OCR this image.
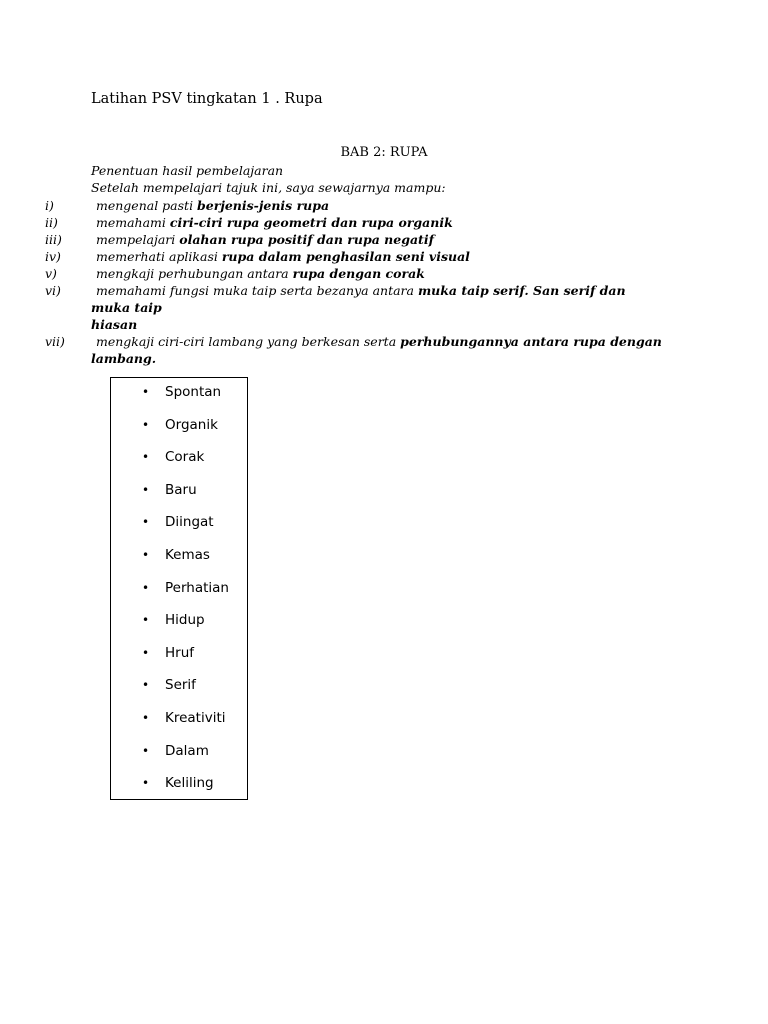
Latihan PSV tingkatan 1 . Rupa
BAB 2: RUPA
Penentuan hasil pembelajaran
Setelah mempelajari tajuk ini, saya sewajarnya mampu:
i)	mengenal pasti berjenis-jenis rupa
ii)	memahami ciri-ciri rupa geometri dan rupa organik
iii)	mempelajari olahan rupa positif dan rupa negatif
iv)	memerhati aplikasi rupa dalam penghasilan seni visual
v)	mengkaji perhubungan antara rupa dengan corak
vi)	memahami fungsi muka taip serta bezanya antara muka taip serif. San serif dan muka taip
hiasan
vii)	mengkaji ciri-ciri lambang yang berkesan serta perhubungannya antara rupa dengan
lambang.
• Spontan
• Organik
• Corak
• Baru
• Diingat
• Kemas
• Perhatian
• Hidup
• Hruf
• Serif
• Kreativiti
• Dalam
• Keliling
